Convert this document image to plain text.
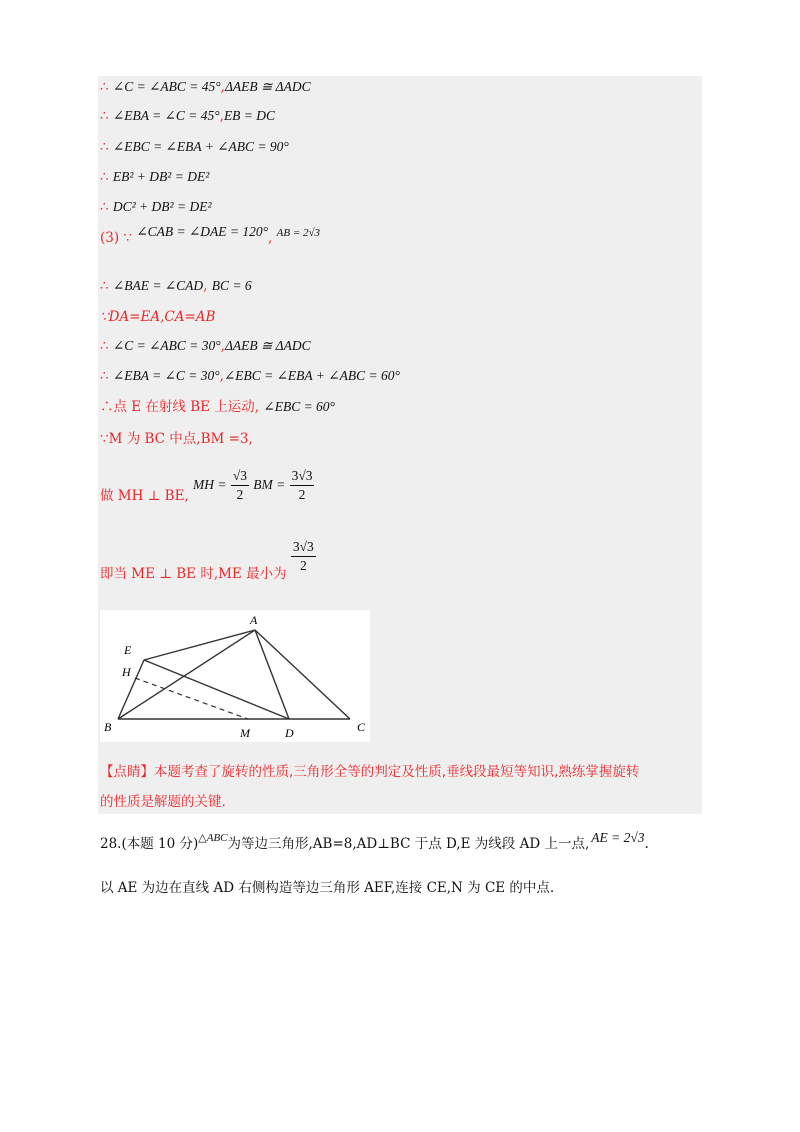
∴ ∠C = ∠ABC = 45°,ΔAEB ≅ ΔADC
∴ ∠EBA = ∠C = 45°,EB = DC
∴ ∠EBC = ∠EBA + ∠ABC = 90°
∴ EB² + DB² = DE²
∴ DC² + DB² = DE²
(3) ∵ ∠CAB = ∠DAE = 120°, $^{AB = 2√3}$
∴ ∠BAE = ∠CAD, BC = 6
∵DA=EA,CA=AB
∴ ∠C = ∠ABC = 30°,ΔAEB ≅ ΔADC
∴ ∠EBA = ∠C = 30°,∠EBC = ∠EBA + ∠ABC = 60°
∴点 E 在射线 BE 上运动, ∠EBC = 60°
∵M 为 BC 中点,BM =3,
做 MH ⊥ BE, MH = $\frac{√3}{2}$ BM = $\frac{3√3}{2}$
即当 ME ⊥ BE 时,ME 最小为 $\frac{3√3}{2}$
A
E
H
B	M	D	C
【点睛】本题考查了旋转的性质,三角形全等的判定及性质,垂线段最短等知识,熟练掌握旋转
的性质是解题的关键.
28.(本题 10 分)$^{\triangle ABC}$为等边三角形,AB=8,AD⊥BC 于点 D,E 为线段 AD 上一点, AE = 2√3.
以 AE 为边在直线 AD 右侧构造等边三角形 AEF,连接 CE,N 为 CE 的中点.
